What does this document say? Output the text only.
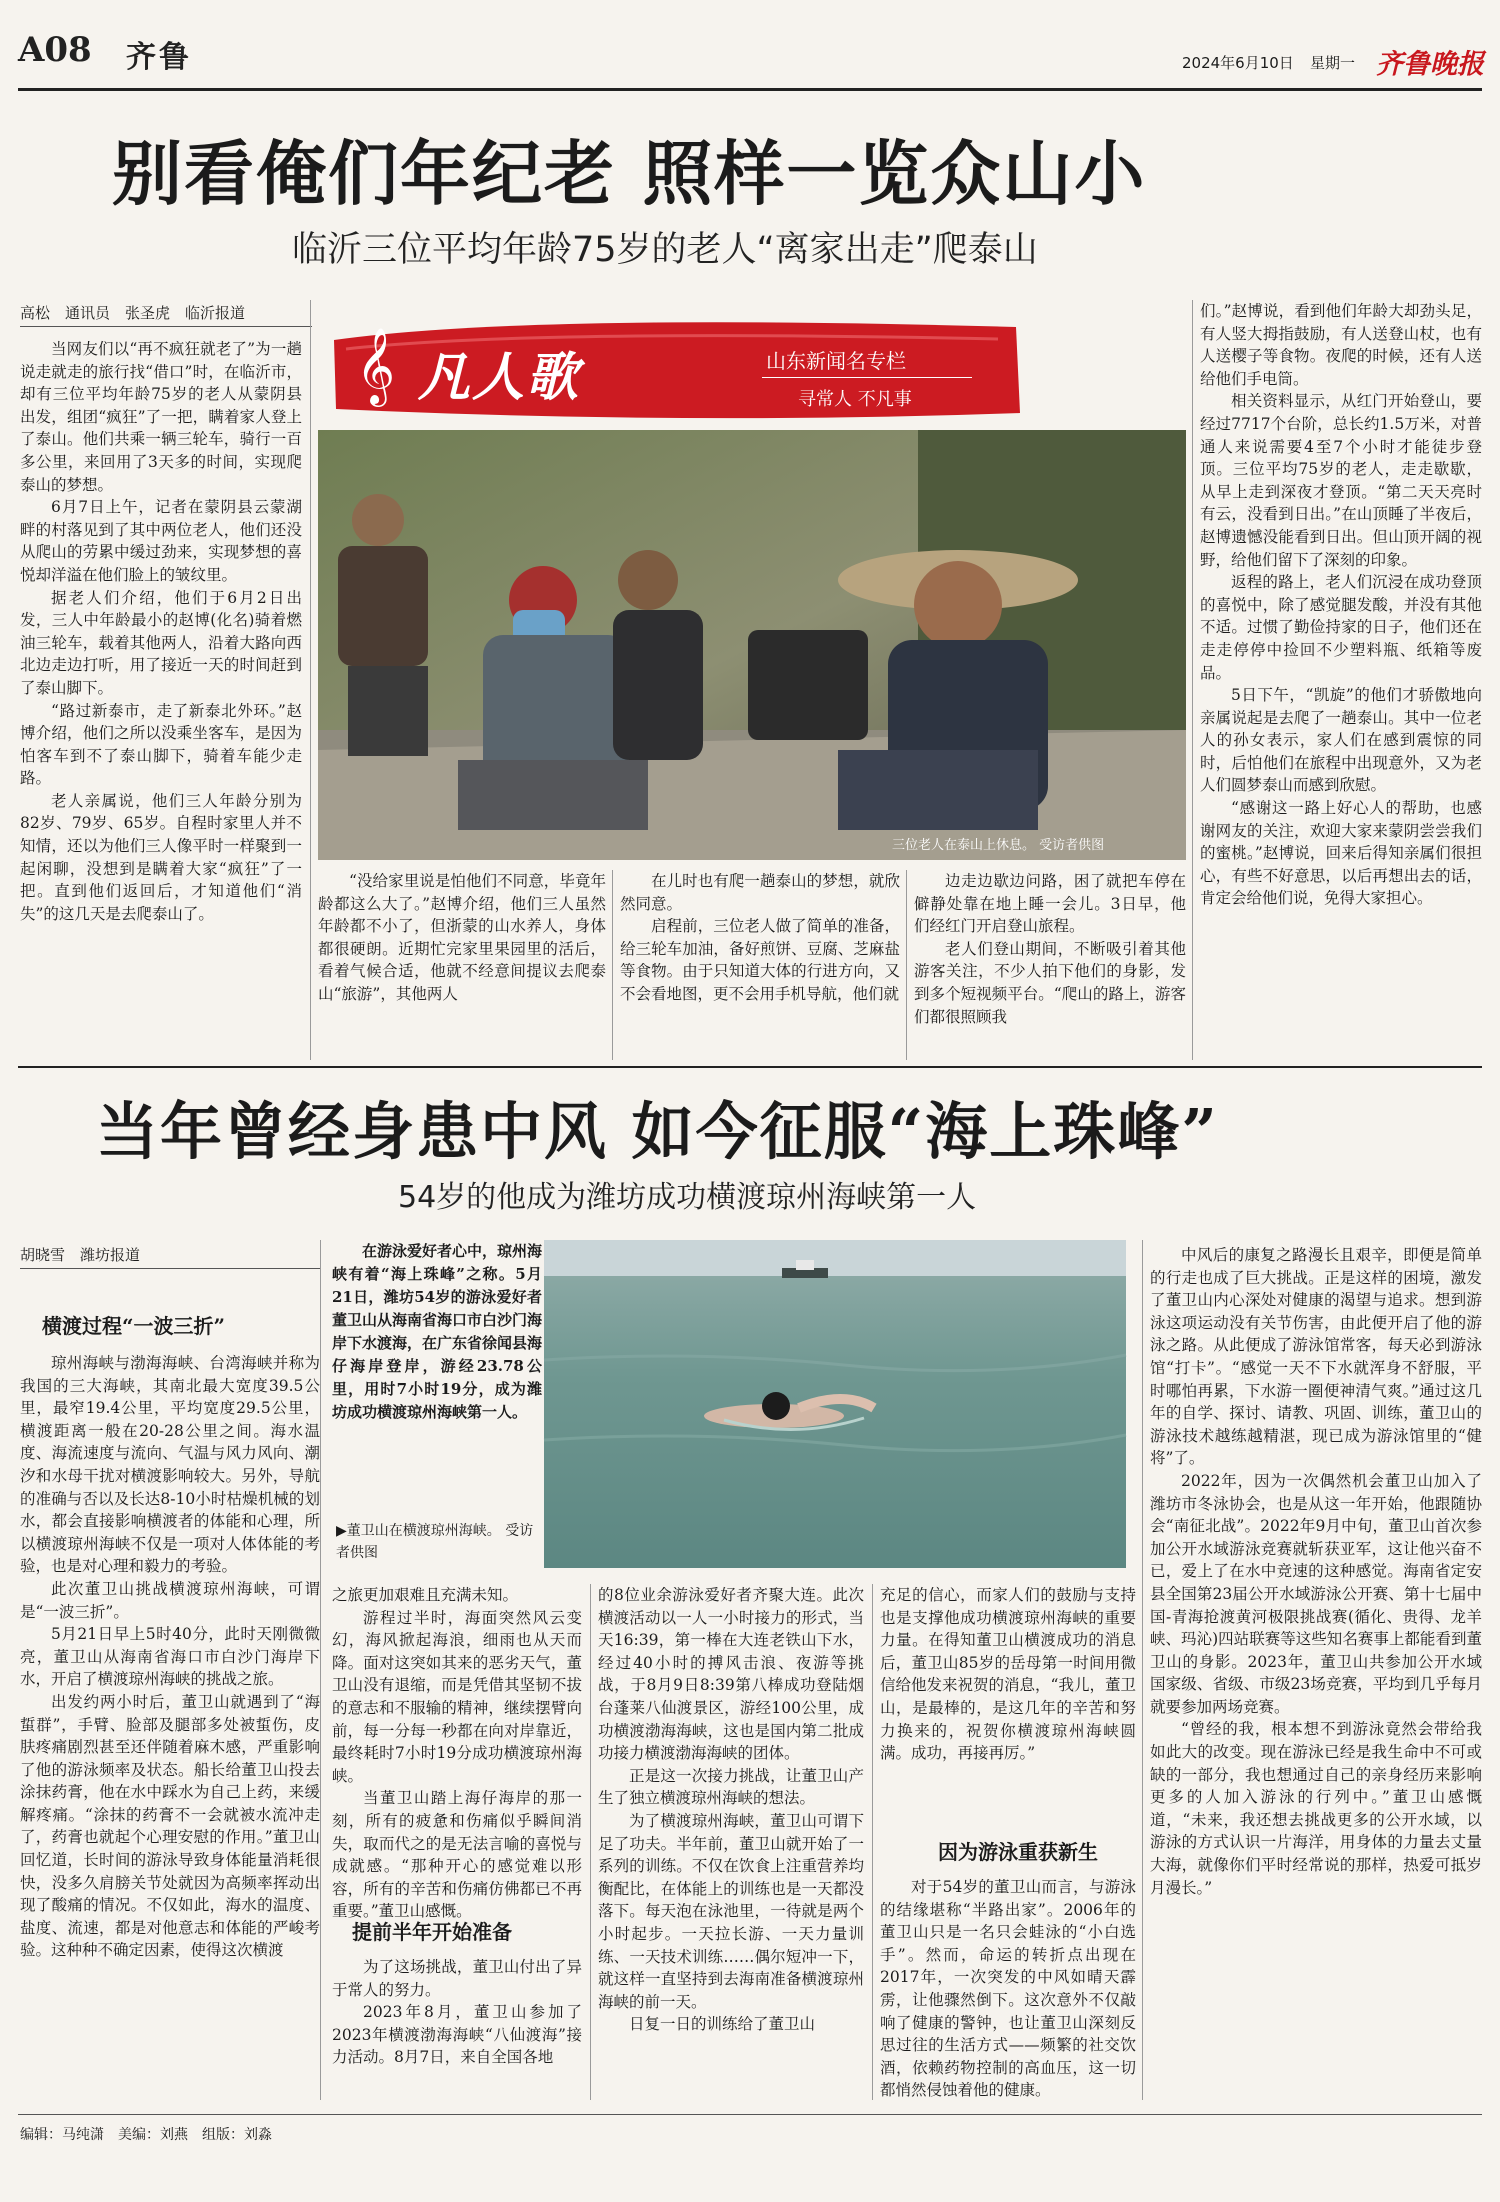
A08 齐鲁	2024年6月10日 星期一 齐鲁晚报
别看俺们年纪老 照样一览众山小
临沂三位平均年龄75岁的老人“离家出走”爬泰山
高松　通讯员　张圣虎　临沂报道

当网友们以“再不疯狂就老了”为一趟说走就走的旅行找“借口”时，在临沂市，却有三位平均年龄75岁的老人从蒙阴县出发，组团“疯狂”了一把，瞒着家人登上了泰山。他们共乘一辆三轮车，骑行一百多公里，来回用了3天多的时间，实现爬泰山的梦想。

6月7日上午，记者在蒙阴县云蒙湖畔的村落见到了其中两位老人，他们还没从爬山的劳累中缓过劲来，实现梦想的喜悦却洋溢在他们脸上的皱纹里。

据老人们介绍，他们于6月2日出发，三人中年龄最小的赵博(化名)骑着燃油三轮车，载着其他两人，沿着大路向西北边走边打听，用了接近一天的时间赶到了泰山脚下。

“路过新泰市，走了新泰北外环。”赵博介绍，他们之所以没乘坐客车，是因为怕客车到不了泰山脚下，骑着车能少走路。

老人亲属说，他们三人年龄分别为82岁、79岁、65岁。自程时家里人并不知情，还以为他们三人像平时一样聚到一起闲聊，没想到是瞒着大家“疯狂”了一把。直到他们返回后，才知道他们“消失”的这几天是去爬泰山了。

𝄞 凡人歌	山东新闻名专栏
寻常人 不凡事
三位老人在泰山上休息。 受访者供图

“没给家里说是怕他们不同意，毕竟年龄都这么大了。”赵博介绍，他们三人虽然年龄都不小了，但浙蒙的山水养人，身体都很硬朗。近期忙完家里果园里的活后，看着气候合适，他就不经意间提议去爬泰山“旅游”，其他两人

在儿时也有爬一趟泰山的梦想，就欣然同意。

启程前，三位老人做了简单的准备，给三轮车加油，备好煎饼、豆腐、芝麻盐等食物。由于只知道大体的行进方向，又不会看地图，更不会用手机导航，他们就

边走边歇边问路，困了就把车停在僻静处靠在地上睡一会儿。3日早，他们经红门开启登山旅程。

老人们登山期间，不断吸引着其他游客关注，不少人拍下他们的身影，发到多个短视频平台。“爬山的路上，游客们都很照顾我

们。”赵博说，看到他们年龄大却劲头足，有人竖大拇指鼓励，有人送登山杖，也有人送樱子等食物。夜爬的时候，还有人送给他们手电筒。

相关资料显示，从红门开始登山，要经过7717个台阶，总长约1.5万米，对普通人来说需要4至7个小时才能徒步登顶。三位平均75岁的老人，走走歇歇，从早上走到深夜才登顶。“第二天天亮时有云，没看到日出。”在山顶睡了半夜后，赵博遗憾没能看到日出。但山顶开阔的视野，给他们留下了深刻的印象。

返程的路上，老人们沉浸在成功登顶的喜悦中，除了感觉腿发酸，并没有其他不适。过惯了勤俭持家的日子，他们还在走走停停中捡回不少塑料瓶、纸箱等废品。

5日下午，“凯旋”的他们才骄傲地向亲属说起是去爬了一趟泰山。其中一位老人的孙女表示，家人们在感到震惊的同时，后怕他们在旅程中出现意外，又为老人们圆梦泰山而感到欣慰。

“感谢这一路上好心人的帮助，也感谢网友的关注，欢迎大家来蒙阴尝尝我们的蜜桃。”赵博说，回来后得知亲属们很担心，有些不好意思，以后再想出去的话，肯定会给他们说，免得大家担心。

当年曾经身患中风 如今征服“海上珠峰”
54岁的他成为潍坊成功横渡琼州海峡第一人
胡晓雪　潍坊报道
横渡过程“一波三折”

琼州海峡与渤海海峡、台湾海峡并称为我国的三大海峡，其南北最大宽度39.5公里，最窄19.4公里，平均宽度29.5公里，横渡距离一般在20-28公里之间。海水温度、海流速度与流向、气温与风力风向、潮汐和水母干扰对横渡影响较大。另外，导航的准确与否以及长达8-10小时枯燥机械的划水，都会直接影响横渡者的体能和心理，所以横渡琼州海峡不仅是一项对人体体能的考验，也是对心理和毅力的考验。

此次董卫山挑战横渡琼州海峡，可谓是“一波三折”。

5月21日早上5时40分，此时天刚微微亮，董卫山从海南省海口市白沙门海岸下水，开启了横渡琼州海峡的挑战之旅。

出发约两小时后，董卫山就遇到了“海蜇群”，手臂、脸部及腿部多处被蜇伤，皮肤疼痛剧烈甚至还伴随着麻木感，严重影响了他的游泳频率及状态。船长给董卫山投去涂抹药膏，他在水中踩水为自己上药，来缓解疼痛。“涂抹的药膏不一会就被水流冲走了，药膏也就起个心理安慰的作用。”董卫山回忆道，长时间的游泳导致身体能量消耗很快，没多久肩膀关节处就因为高频率挥动出现了酸痛的情况。不仅如此，海水的温度、盐度、流速，都是对他意志和体能的严峻考验。这种种不确定因素，使得这次横渡

在游泳爱好者心中，琼州海峡有着“海上珠峰”之称。5月21日，潍坊54岁的游泳爱好者董卫山从海南省海口市白沙门海岸下水渡海，在广东省徐闻县海仔海岸登岸，游经23.78公里，用时7小时19分，成为潍坊成功横渡琼州海峡第一人。

▶董卫山在横渡琼州海峡。 受访者供图

之旅更加艰难且充满未知。

游程过半时，海面突然风云变幻，海风掀起海浪，细雨也从天而降。面对这突如其来的恶劣天气，董卫山没有退缩，而是凭借其坚韧不拔的意志和不服输的精神，继续摆臂向前，每一分每一秒都在向对岸靠近，最终耗时7小时19分成功横渡琼州海峡。

当董卫山踏上海仔海岸的那一刻，所有的疲惫和伤痛似乎瞬间消失，取而代之的是无法言喻的喜悦与成就感。“那种开心的感觉难以形容，所有的辛苦和伤痛仿佛都已不再重要。”董卫山感慨。

提前半年开始准备

为了这场挑战，董卫山付出了异于常人的努力。

2023年8月，董卫山参加了2023年横渡渤海海峡“八仙渡海”接力活动。8月7日，来自全国各地

的8位业余游泳爱好者齐聚大连。此次横渡活动以一人一小时接力的形式，当天16:39，第一棒在大连老铁山下水，经过40小时的搏风击浪、夜游等挑战，于8月9日8:39第八棒成功登陆烟台蓬莱八仙渡景区，游经100公里，成功横渡渤海海峡，这也是国内第二批成功接力横渡渤海海峡的团体。

正是这一次接力挑战，让董卫山产生了独立横渡琼州海峡的想法。

为了横渡琼州海峡，董卫山可谓下足了功夫。半年前，董卫山就开始了一系列的训练。不仅在饮食上注重营养均衡配比，在体能上的训练也是一天都没落下。每天泡在泳池里，一待就是两个小时起步。一天拉长游、一天力量训练、一天技术训练……偶尔短冲一下，就这样一直坚持到去海南准备横渡琼州海峡的前一天。

日复一日的训练给了董卫山

充足的信心，而家人们的鼓励与支持也是支撑他成功横渡琼州海峡的重要力量。在得知董卫山横渡成功的消息后，董卫山85岁的岳母第一时间用微信给他发来祝贺的消息，“我儿，董卫山，是最棒的，是这几年的辛苦和努力换来的，祝贺你横渡琼州海峡圆满。成功，再接再厉。”

因为游泳重获新生

对于54岁的董卫山而言，与游泳的结缘堪称“半路出家”。2006年的董卫山只是一名只会蛙泳的“小白选手”。然而，命运的转折点出现在2017年，一次突发的中风如晴天霹雳，让他骤然倒下。这次意外不仅敲响了健康的警钟，也让董卫山深刻反思过往的生活方式——频繁的社交饮酒，依赖药物控制的高血压，这一切都悄然侵蚀着他的健康。

中风后的康复之路漫长且艰辛，即便是简单的行走也成了巨大挑战。正是这样的困境，激发了董卫山内心深处对健康的渴望与追求。想到游泳这项运动没有关节伤害，由此便开启了他的游泳之路。从此便成了游泳馆常客，每天必到游泳馆“打卡”。“感觉一天不下水就浑身不舒服，平时哪怕再累，下水游一圈便神清气爽。”通过这几年的自学、探讨、请教、巩固、训练，董卫山的游泳技术越练越精湛，现已成为游泳馆里的“健将”了。

2022年，因为一次偶然机会董卫山加入了潍坊市冬泳协会，也是从这一年开始，他跟随协会“南征北战”。2022年9月中旬，董卫山首次参加公开水域游泳竞赛就斩获亚军，这让他兴奋不已，爱上了在水中竞速的这种感觉。海南省定安县全国第23届公开水域游泳公开赛、第十七届中国-青海抢渡黄河极限挑战赛(循化、贵得、龙羊峡、玛沁)四站联赛等这些知名赛事上都能看到董卫山的身影。2023年，董卫山共参加公开水域国家级、省级、市级23场竞赛，平均到几乎每月就要参加两场竞赛。

“曾经的我，根本想不到游泳竟然会带给我如此大的改变。现在游泳已经是我生命中不可或缺的一部分，我也想通过自己的亲身经历来影响更多的人加入游泳的行列中。”董卫山感慨道，“未来，我还想去挑战更多的公开水域，以游泳的方式认识一片海洋，用身体的力量去丈量大海，就像你们平时经常说的那样，热爱可抵岁月漫长。”

编辑：马纯潇　美编：刘燕　组版：刘淼
